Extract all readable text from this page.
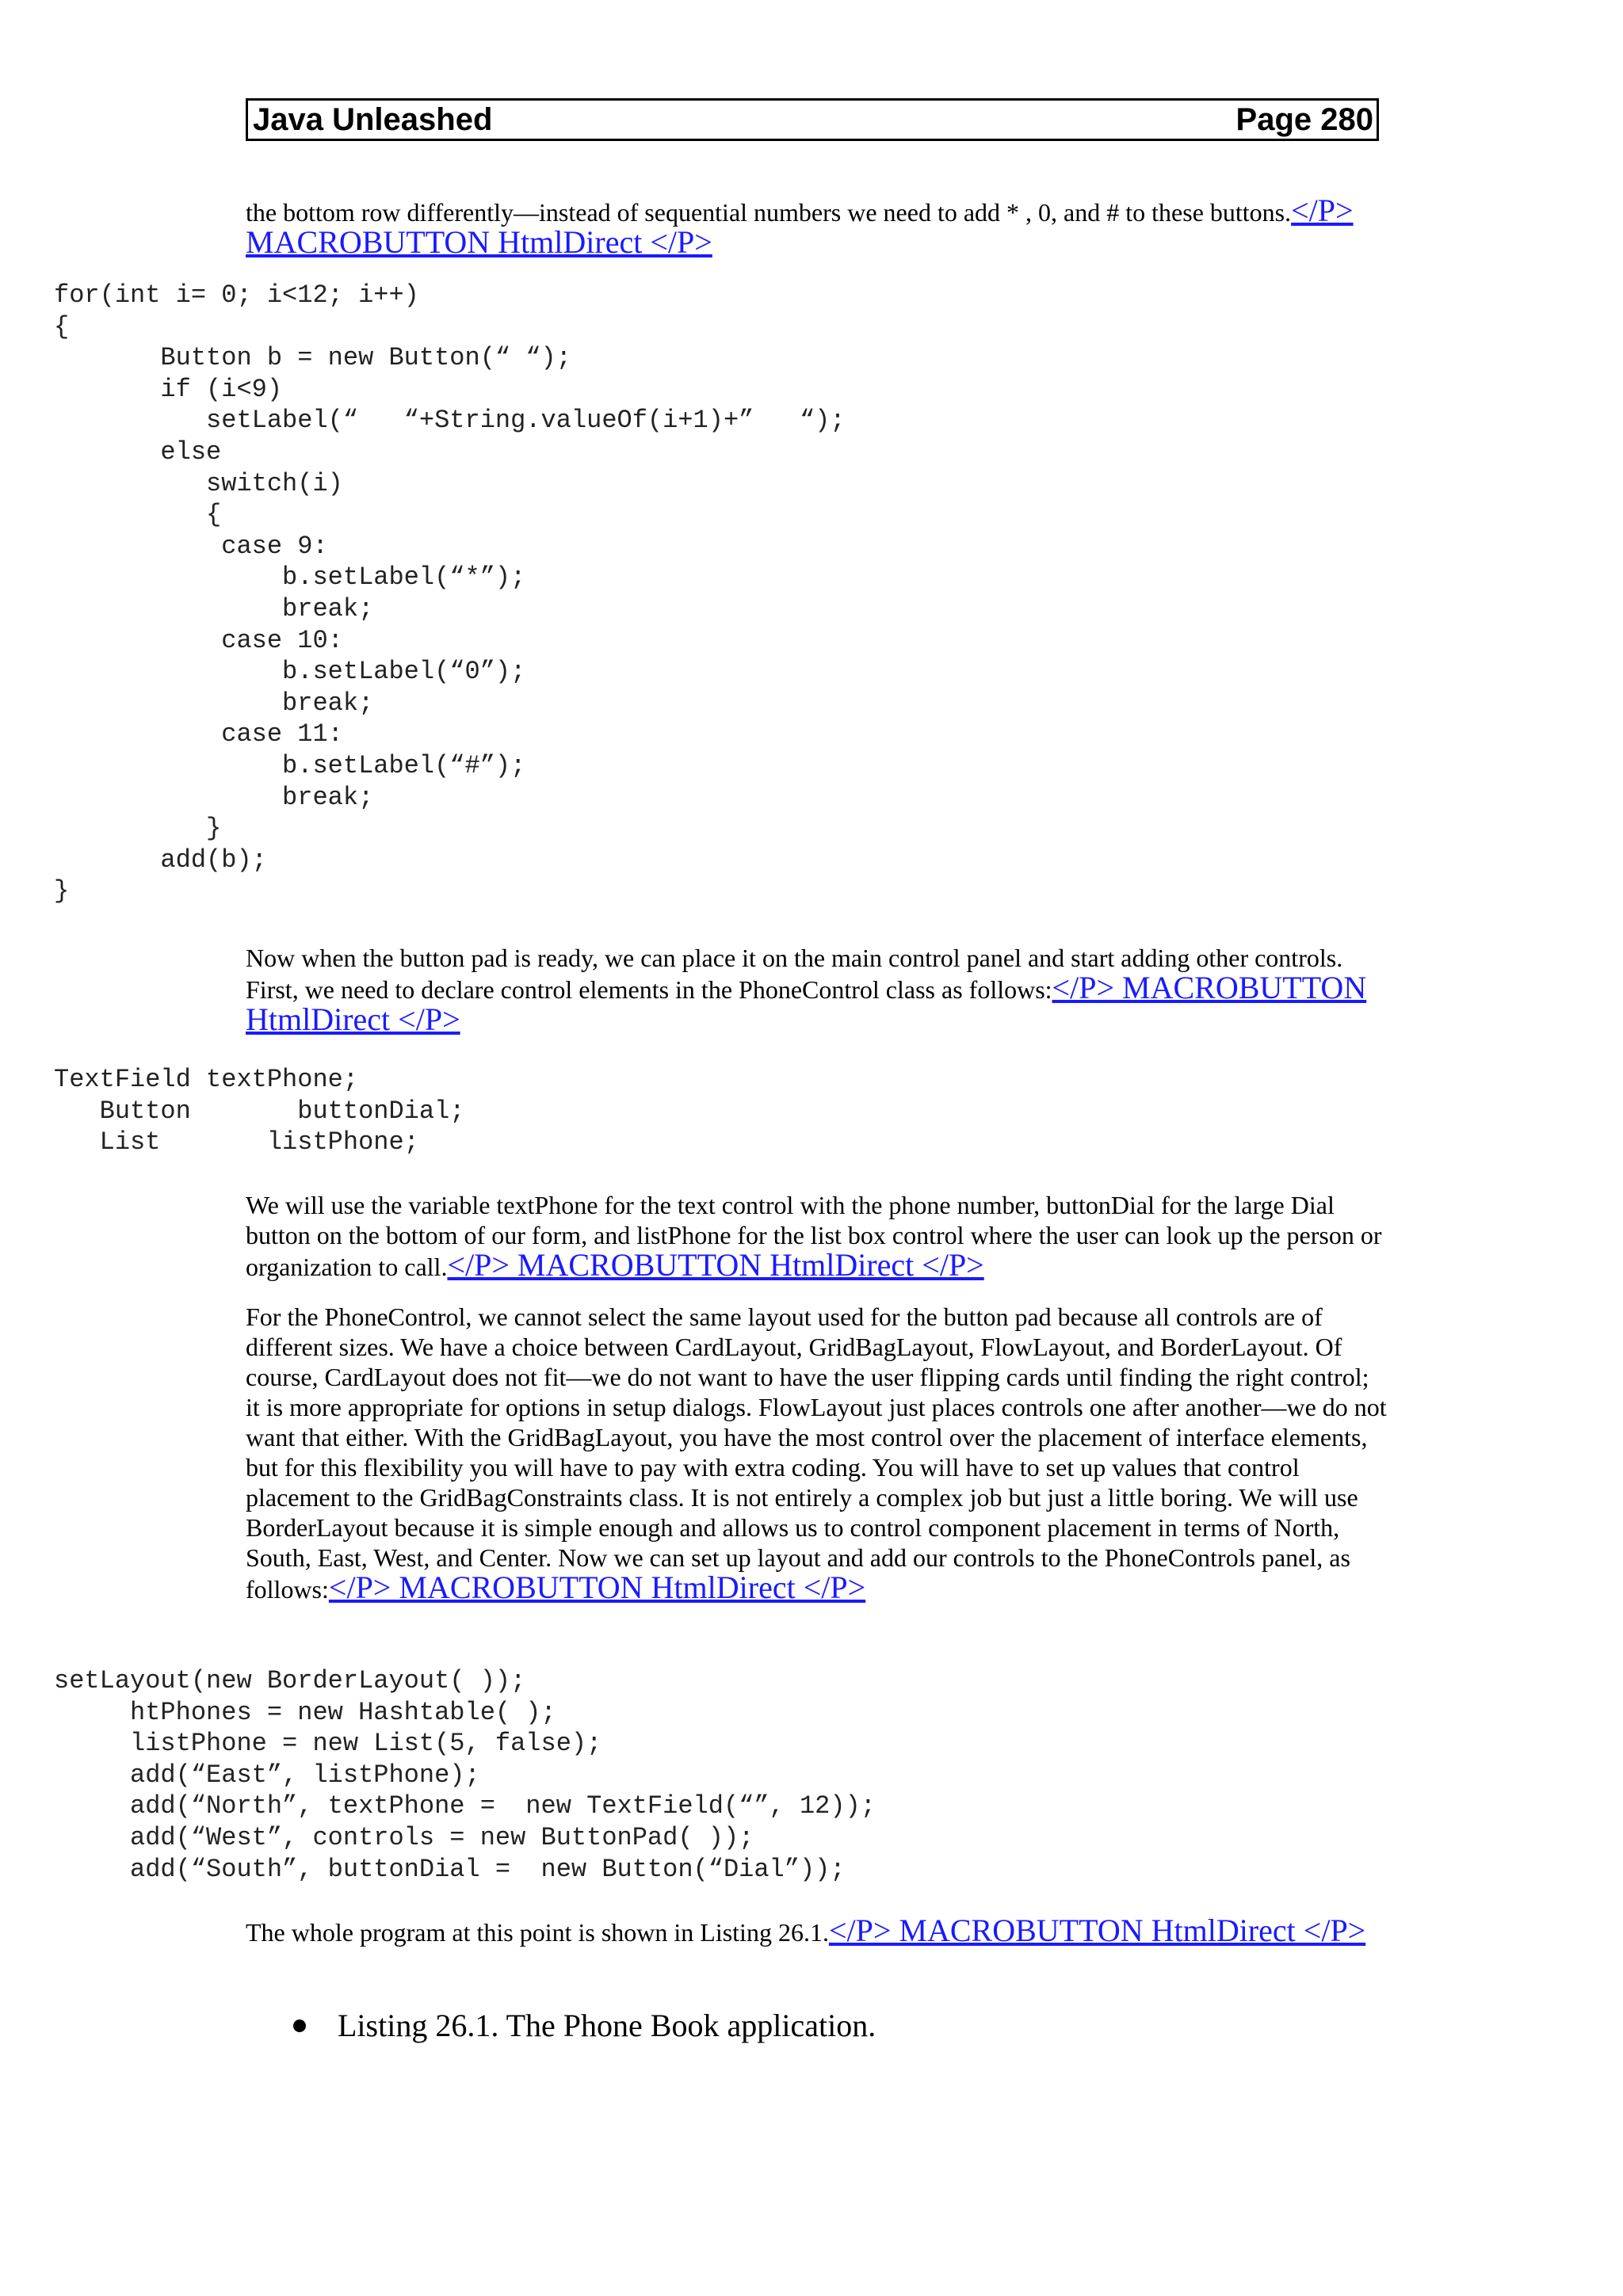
Java Unleashed	Page 280

the bottom row differently—instead of sequential numbers we need to add * , 0, and # to these buttons.</P> MACROBUTTON HtmlDirect </P>

for(int i= 0; i<12; i++)
{
Button b = new Button(“ “);
if (i<9)
setLabel(“   “+String.valueOf(i+1)+”   “);
else
switch(i)
{
case 9:
b.setLabel(“*”);
break;
case 10:
b.setLabel(“0”);
break;
case 11:
b.setLabel(“#”);
break;
}
add(b);
}

Now when the button pad is ready, we can place it on the main control panel and start adding other controls. First, we need to declare control elements in the PhoneControl class as follows:</P> MACROBUTTON HtmlDirect </P>

TextField textPhone;
Button       buttonDial;
List       listPhone;

We will use the variable textPhone for the text control with the phone number, buttonDial for the large Dial button on the bottom of our form, and listPhone for the list box control where the user can look up the person or organization to call.</P> MACROBUTTON HtmlDirect </P>

For the PhoneControl, we cannot select the same layout used for the button pad because all controls are of different sizes. We have a choice between CardLayout, GridBagLayout, FlowLayout, and BorderLayout. Of course, CardLayout does not fit—we do not want to have the user flipping cards until finding the right control; it is more appropriate for options in setup dialogs. FlowLayout just places controls one after another—we do not want that either. With the GridBagLayout, you have the most control over the placement of interface elements, but for this flexibility you will have to pay with extra coding. You will have to set up values that control placement to the GridBagConstraints class. It is not entirely a complex job but just a little boring. We will use BorderLayout because it is simple enough and allows us to control component placement in terms of North, South, East, West, and Center. Now we can set up layout and add our controls to the PhoneControls panel, as follows:</P> MACROBUTTON HtmlDirect </P>

setLayout(new BorderLayout( ));
htPhones = new Hashtable( );
listPhone = new List(5, false);
add(“East”, listPhone);
add(“North”, textPhone =  new TextField(“”, 12));
add(“West”, controls = new ButtonPad( ));
add(“South”, buttonDial =  new Button(“Dial”));

The whole program at this point is shown in Listing 26.1.</P> MACROBUTTON HtmlDirect </P>

Listing 26.1. The Phone Book application.
